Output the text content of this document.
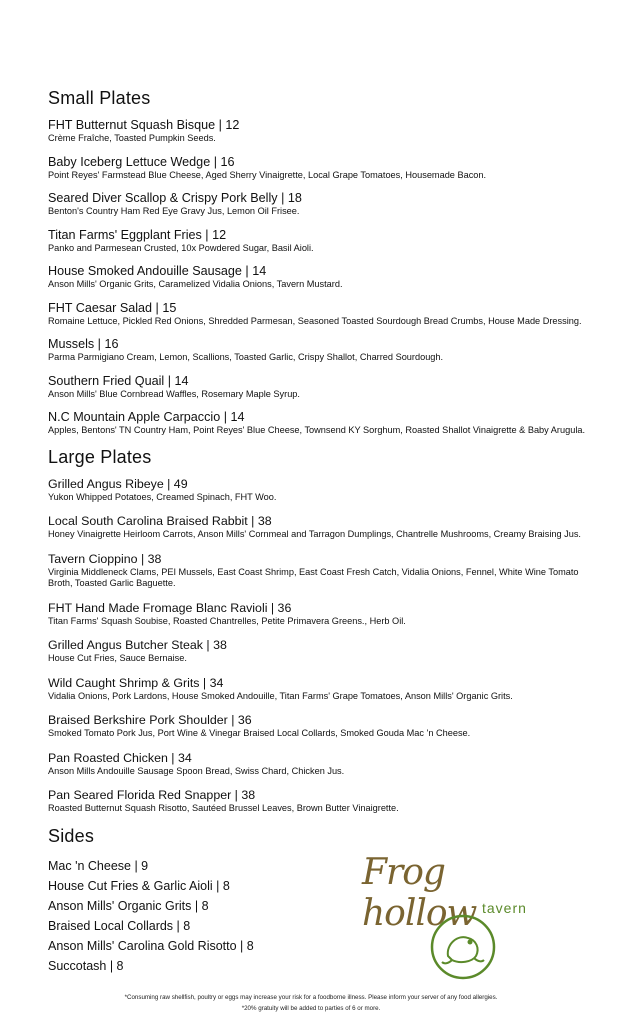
Small Plates
FHT Butternut Squash Bisque | 12
Crème Fraîche, Toasted Pumpkin Seeds.
Baby Iceberg Lettuce Wedge | 16
Point Reyes' Farmstead Blue Cheese, Aged Sherry Vinaigrette, Local Grape Tomatoes, Housemade Bacon.
Seared Diver Scallop & Crispy Pork Belly | 18
Benton's Country Ham Red Eye Gravy Jus, Lemon Oil Frisee.
Titan Farms' Eggplant Fries | 12
Panko and Parmesean Crusted, 10x Powdered Sugar, Basil Aioli.
House Smoked Andouille Sausage | 14
Anson Mills' Organic Grits, Caramelized Vidalia Onions, Tavern Mustard.
FHT Caesar Salad | 15
Romaine Lettuce, Pickled Red Onions, Shredded Parmesan, Seasoned Toasted Sourdough Bread Crumbs, House Made Dressing.
Mussels | 16
Parma Parmigiano Cream, Lemon, Scallions, Toasted Garlic, Crispy Shallot, Charred Sourdough.
Southern Fried Quail | 14
Anson Mills' Blue Cornbread Waffles, Rosemary Maple Syrup.
N.C Mountain Apple Carpaccio | 14
Apples, Bentons' TN Country Ham, Point Reyes' Blue Cheese, Townsend KY Sorghum, Roasted Shallot Vinaigrette & Baby Arugula.
Large Plates
Grilled Angus Ribeye | 49
Yukon Whipped Potatoes, Creamed Spinach, FHT Woo.
Local South Carolina Braised Rabbit | 38
Honey Vinaigrette Heirloom Carrots, Anson Mills' Cornmeal and Tarragon Dumplings, Chantrelle Mushrooms, Creamy Braising Jus.
Tavern Cioppino | 38
Virginia Middleneck Clams, PEI Mussels, East Coast Shrimp, East Coast Fresh Catch, Vidalia Onions, Fennel, White Wine Tomato Broth, Toasted Garlic Baguette.
FHT Hand Made Fromage Blanc Ravioli | 36
Titan Farms' Squash Soubise, Roasted Chantrelles, Petite Primavera Greens., Herb Oil.
Grilled Angus Butcher Steak | 38
House Cut Fries, Sauce Bernaise.
Wild Caught Shrimp & Grits | 34
Vidalia Onions, Pork Lardons, House Smoked Andouille, Titan Farms' Grape Tomatoes, Anson Mills' Organic Grits.
Braised Berkshire Pork Shoulder | 36
Smoked Tomato Pork Jus, Port Wine & Vinegar Braised Local Collards, Smoked Gouda Mac 'n Cheese.
Pan Roasted Chicken | 34
Anson Mills Andouille Sausage Spoon Bread, Swiss Chard, Chicken Jus.
Pan Seared Florida Red Snapper | 38
Roasted Butternut Squash Risotto, Sautéed Brussel Leaves, Brown Butter Vinaigrette.
Sides
Mac 'n Cheese | 9
House Cut Fries & Garlic Aioli | 8
Anson Mills' Organic Grits | 8
Braised Local Collards | 8
Anson Mills' Carolina Gold Risotto | 8
Succotash | 8
Frog hollow tavern
*Consuming raw shellfish, poultry or eggs may increase your risk for a foodborne illness. Please inform your server of any food allergies.
*20% gratuity will be added to parties of 6 or more.
